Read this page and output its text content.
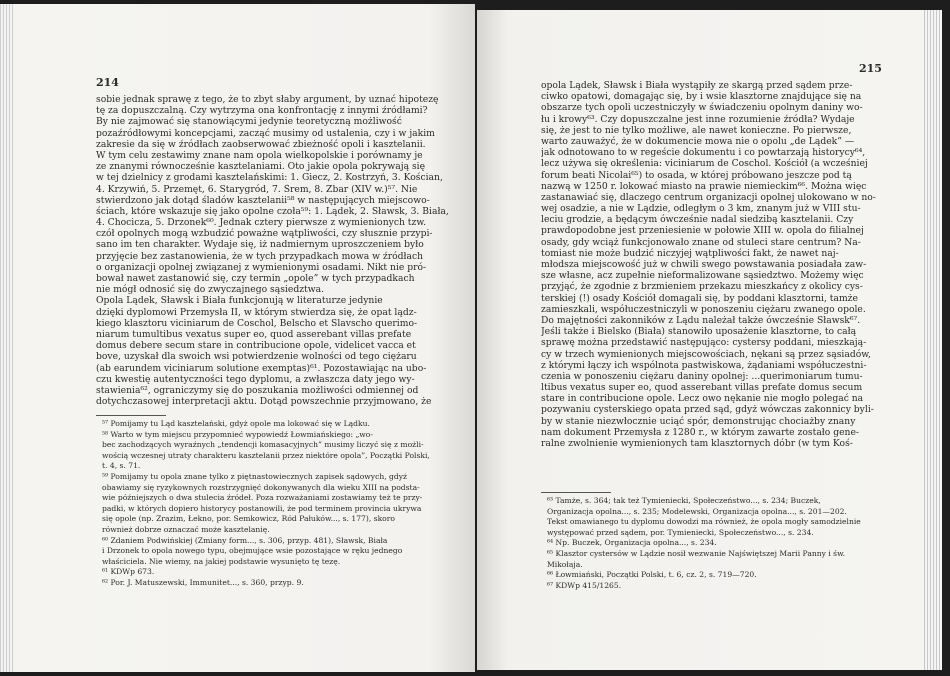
214
sobie jednak sprawę z tego, że to zbyt słaby argument, by uznać hipotezę
tę za dopuszczalną. Czy wytrzyma ona konfrontację z innymi źródłami?
By nie zajmować się stanowiącymi jedynie teoretyczną możliwość
pozaźródłowymi koncepcjami, zacząć musimy od ustalenia, czy i w jakim
zakresie da się w źródłach zaobserwować zbieżność opoli i kasztelanii.
W tym celu zestawimy znane nam opola wielkopolskie i porównamy je
ze znanymi równocześnie kasztelaniami. Oto jakie opola pokrywają się
w tej dzielnicy z grodami kasztelańskimi: 1. Giecz, 2. Kostrzyń, 3. Kościan,
4. Krzywiń, 5. Przemęt, 6. Starygród, 7. Śrem, 8. Zbar (XIV w.)⁵⁷. Nie
stwierdzono jak dotąd śladów kasztelanii⁵⁸ w następujących miejscowo-
ściach, które wskazuje się jako opolne czoła⁵⁹: 1. Lądek, 2. Sławsk, 3. Biała,
4. Chocicza, 5. Drzonek⁶⁰. Jednak cztery pierwsze z wymienionych tzw.
czół opolnych mogą wzbudzić poważne wątpliwości, czy słusznie przypi-
sano im ten charakter. Wydaje się, iż nadmiernym uproszczeniem było
przyjęcie bez zastanowienia, że w tych przypadkach mowa w źródłach
o organizacji opolnej związanej z wymienionymi osadami. Nikt nie pró-
bował nawet zastanowić się, czy termin „opole” w tych przypadkach
nie mógł odnosić się do zwyczajnego sąsiedztwa.
Opola Lądek, Sławsk i Biała funkcjonują w literaturze jedynie
dzięki dyplomowi Przemysła II, w którym stwierdza się, że opat lądz-
kiego klasztoru viciniarum de Coschol, Belscho et Slavscho querimo-
niarum tumultibus vexatus super eo, quod asserebant villas prefate
domus debere secum stare in contribucione opole, videlicet vacca et
bove, uzyskał dla swoich wsi potwierdzenie wolności od tego ciężaru
(ab earundem viciniarum solutione exemptas)⁶¹. Pozostawiając na ubo-
czu kwestię autentyczności tego dyplomu, a zwłaszcza daty jego wy-
stawienia⁶², ograniczymy się do poszukania możliwości odmiennej od
dotychczasowej interpretacji aktu. Dotąd powszechnie przyjmowano, że
⁵⁷ Pomijamy tu Ląd kasztelański, gdyż opole ma lokować się w Lądku.
⁵⁸ Warto w tym miejscu przypomnieć wypowiedź Łowmiańskiego: „wo-
bec zachodzących wyraźnych „tendencji komasacyjnych” musimy liczyć się z możli-
wością wczesnej utraty charakteru kasztelanii przez niektóre opola”, Początki Polski,
t. 4, s. 71.
⁵⁹ Pomijamy tu opola znane tylko z piętnastowiecznych zapisek sądowych, gdyż
obawiamy się ryzykownych rozstrzygnięć dokonywanych dla wieku XIII na podsta-
wie późniejszych o dwa stulecia źródeł. Poza rozważaniami zostawiamy też te przy-
padki, w których dopiero historycy postanowili, że pod terminem provincia ukrywa
się opole (np. Zrazim, Łekno, por. Semkowicz, Ród Pałuków..., s. 177), skoro
również dobrze oznaczać może kasztelanię.
⁶⁰ Zdaniem Podwińskiej (Zmiany form..., s. 306, przyp. 481), Sławsk, Biała
i Drzonek to opola nowego typu, obejmujące wsie pozostające w ręku jednego
właściciela. Nie wiemy, na jakiej podstawie wysunięto tę tezę.
⁶¹ KDWp 673.
⁶² Por. J. Matuszewski, Immunitet..., s. 360, przyp. 9.
215
opola Lądek, Sławsk i Biała wystąpiły ze skargą przed sądem prze-
ciwko opatowi, domagając się, by i wsie klasztorne znajdujące się na
obszarze tych opoli uczestniczyły w świadczeniu opolnym daniny wo-
łu i krowy⁶³. Czy dopuszczalne jest inne rozumienie źródła? Wydaje
się, że jest to nie tylko możliwe, ale nawet konieczne. Po pierwsze,
warto zauważyć, że w dokumencie mowa nie o opolu „de Lądek” —
jak odnotowano to w regeście dokumentu i co powtarzają historycy⁶⁴,
lecz używa się określenia: viciniarum de Coschol. Kościół (a wcześniej
forum beati Nicolai⁶⁵) to osada, w której próbowano jeszcze pod tą
nazwą w 1250 r. lokować miasto na prawie niemieckim⁶⁶. Można więc
zastanawiać się, dlaczego centrum organizacji opolnej ulokowano w no-
wej osadzie, a nie w Lądzie, odległym o 3 km, znanym już w VIII stu-
leciu grodzie, a będącym ówcześnie nadal siedzibą kasztelanii. Czy
prawdopodobne jest przeniesienie w połowie XIII w. opola do filialnej
osady, gdy wciąż funkcjonowało znane od stuleci stare centrum? Na-
tomiast nie może budzić niczyjej wątpliwości fakt, że nawet naj-
młodsza miejscowość już w chwili swego powstawania posiadała zaw-
sze własne, acz zupełnie nieformalizowane sąsiedztwo. Możemy więc
przyjąć, że zgodnie z brzmieniem przekazu mieszkańcy z okolicy cys-
terskiej (!) osady Kościół domagali się, by poddani klasztorni, tamże
zamieszkali, współuczestniczyli w ponoszeniu ciężaru zwanego opole.
Do majętności zakonników z Lądu należał także ówcześnie Sławsk⁶⁷.
Jeśli także i Bielsko (Biała) stanowiło uposażenie klasztorne, to całą
sprawę można przedstawić następująco: cystersy poddani, mieszkają-
cy w trzech wymienionych miejscowościach, nękani są przez sąsiadów,
z którymi łączy ich wspólnota pastwiskowa, żądaniami współuczestni-
czenia w ponoszeniu ciężaru daniny opolnej: ...querimoniarum tumu-
ltibus vexatus super eo, quod asserebant villas prefate domus secum
stare in contribucione opole. Lecz owo nękanie nie mogło polegać na
pozywaniu cysterskiego opata przed sąd, gdyż wówczas zakonnicy byli-
by w stanie niezwłocznie uciąć spór, demonstrując chociażby znany
nam dokument Przemysła z 1280 r., w którym zawarte zostało gene-
ralne zwolnienie wymienionych tam klasztornych dóbr (w tym Koś-
⁶³ Tamże, s. 364; tak też Tymieniecki, Społeczeństwo..., s. 234; Buczek,
Organizacja opolna..., s. 235; Modelewski, Organizacja opolna..., s. 201—202.
Tekst omawianego tu dyplomu dowodzi ma również, że opola mogły samodzielnie
występować przed sądem, por. Tymieniecki, Społeczeństwo..., s. 234.
⁶⁴ Np. Buczek, Organizacja opolna..., s. 234.
⁶⁵ Klasztor cystersów w Lądzie nosił wezwanie Najświętszej Marii Panny i św.
Mikołaja.
⁶⁶ Łowmiański, Początki Polski, t. 6, cz. 2, s. 719—720.
⁶⁷ KDWp 415/1265.
